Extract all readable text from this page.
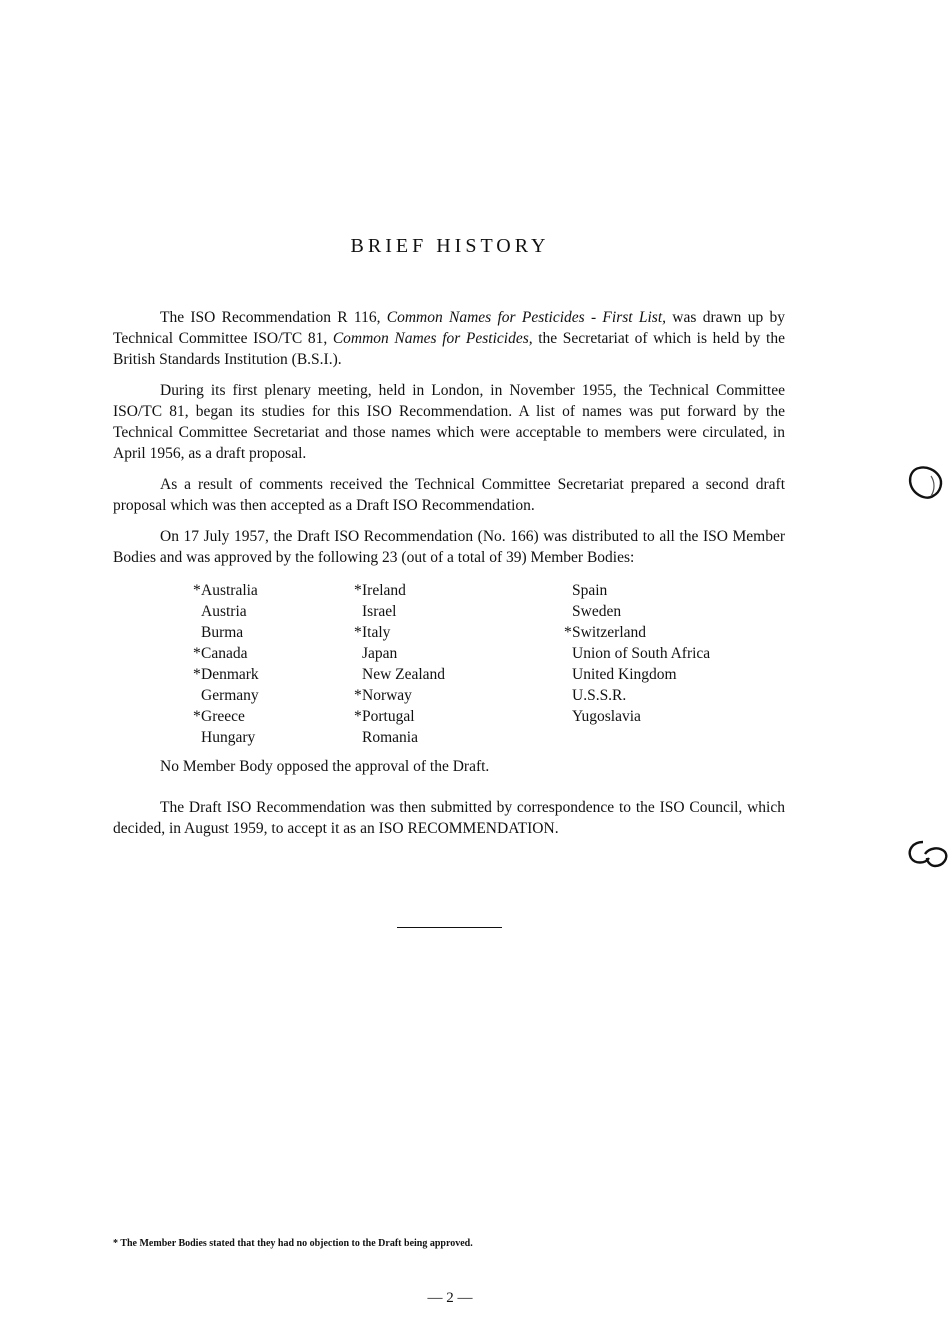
BRIEF HISTORY

The ISO Recommendation R 116, Common Names for Pesticides - First List, was drawn up by Technical Committee ISO/TC 81, Common Names for Pesticides, the Secretariat of which is held by the British Standards Institution (B.S.I.).

During its first plenary meeting, held in London, in November 1955, the Technical Committee ISO/TC 81, began its studies for this ISO Recommendation. A list of names was put forward by the Technical Committee Secretariat and those names which were acceptable to members were circulated, in April 1956, as a draft proposal.

As a result of comments received the Technical Committee Secretariat prepared a second draft proposal which was then accepted as a Draft ISO Recommendation.

On 17 July 1957, the Draft ISO Recommendation (No. 166) was distributed to all the ISO Member Bodies and was approved by the following 23 (out of a total of 39) Member Bodies:

*Australia
Austria
Burma
*Canada
*Denmark
Germany
*Greece
Hungary
*Ireland
Israel
*Italy
Japan
New Zealand
*Norway
*Portugal
Romania
Spain
Sweden
*Switzerland
Union of South Africa
United Kingdom
U.S.S.R.
Yugoslavia

No Member Body opposed the approval of the Draft.

The Draft ISO Recommendation was then submitted by correspondence to the ISO Council, which decided, in August 1959, to accept it as an ISO RECOMMENDATION.

* The Member Bodies stated that they had no objection to the Draft being approved.
— 2 —
